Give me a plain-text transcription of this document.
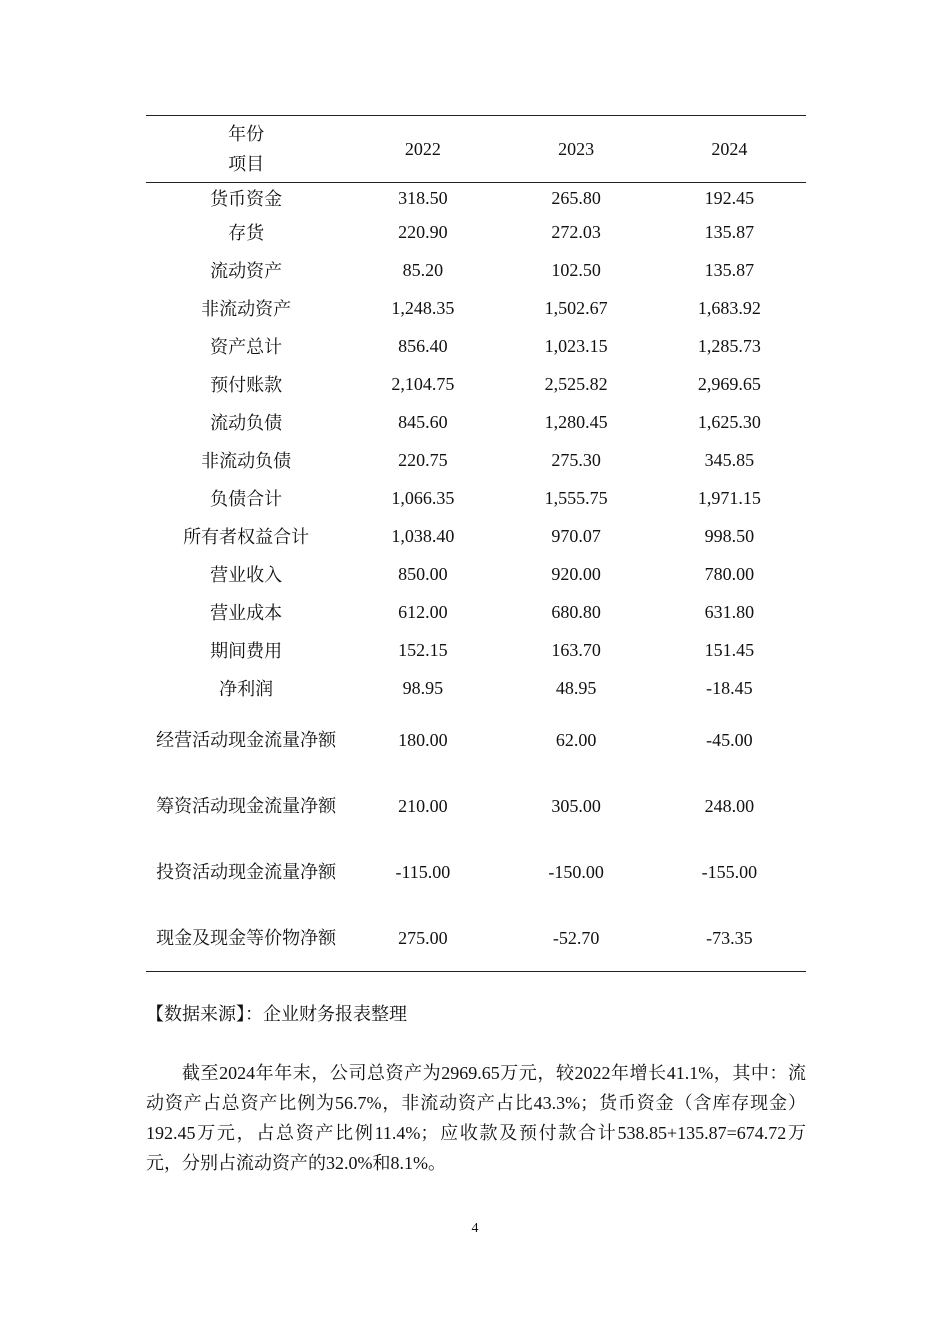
年份
项目	2022	2023	2024
货币资金	318.50	265.80	192.45
存货	220.90	272.03	135.87
流动资产	85.20	102.50	135.87
非流动资产	1,248.35	1,502.67	1,683.92
资产总计	856.40	1,023.15	1,285.73
预付账款	2,104.75	2,525.82	2,969.65
流动负债	845.60	1,280.45	1,625.30
非流动负债	220.75	275.30	345.85
负债合计	1,066.35	1,555.75	1,971.15
所有者权益合计	1,038.40	970.07	998.50
营业收入	850.00	920.00	780.00
营业成本	612.00	680.80	631.80
期间费用	152.15	163.70	151.45
净利润	98.95	48.95	-18.45
经营活动现金流量净额	180.00	62.00	-45.00
筹资活动现金流量净额	210.00	305.00	248.00
投资活动现金流量净额	-115.00	-150.00	-155.00
现金及现金等价物净额	275.00	-52.70	-73.35
【数据来源】：企业财务报表整理
截至2024年年末，公司总资产为2969.65万元，较2022年增长41.1%，其中：流动资产占总资产比例为56.7%，非流动资产占比43.3%；货币资金（含库存现金）192.45万元，占总资产比例11.4%；应收款及预付款合计538.85+135.87=674.72万元，分别占流动资产的32.0%和8.1%。
4
